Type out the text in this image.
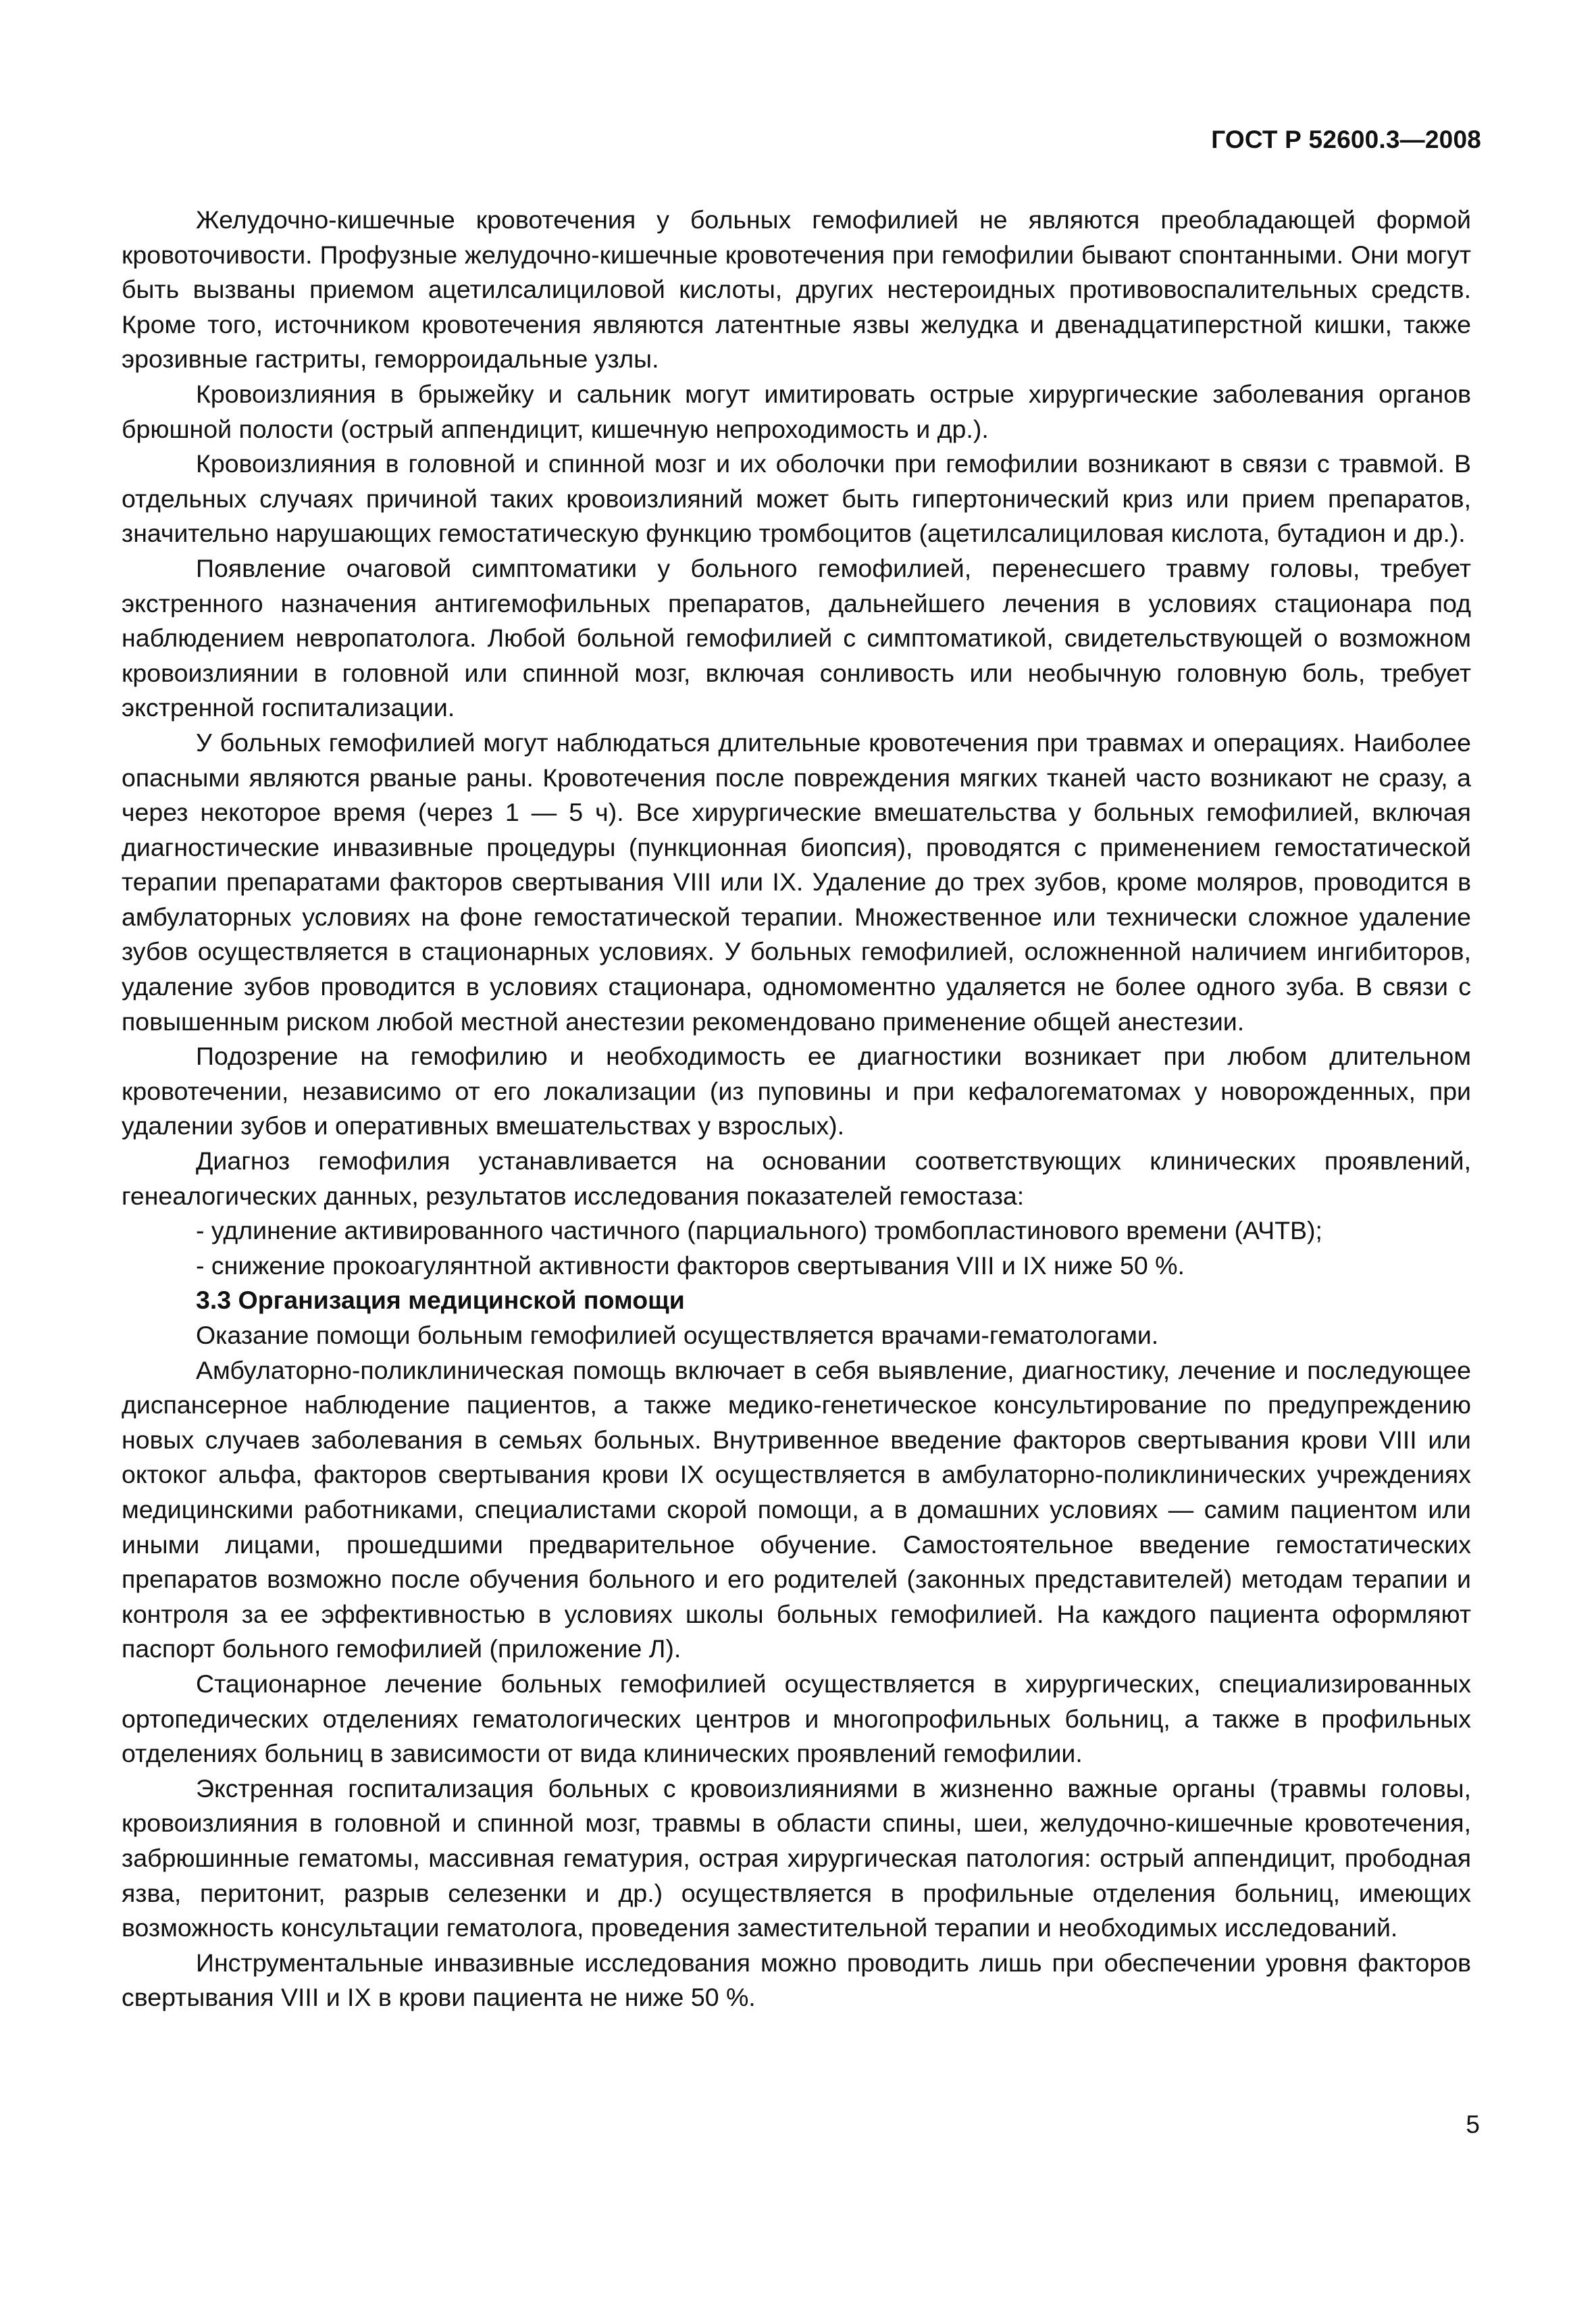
ГОСТ Р 52600.3—2008

Желудочно-кишечные кровотечения у больных гемофилией не являются преобладающей формой кровоточивости. Профузные желудочно-кишечные кровотечения при гемофилии бывают спонтанными. Они могут быть вызваны приемом ацетилсалициловой кислоты, других нестероидных противовоспалительных средств. Кроме того, источником кровотечения являются латентные язвы желудка и двенадцатиперстной кишки, также эрозивные гастриты, геморроидальные узлы.

Кровоизлияния в брыжейку и сальник могут имитировать острые хирургические заболевания органов брюшной полости (острый аппендицит, кишечную непроходимость и др.).

Кровоизлияния в головной и спинной мозг и их оболочки при гемофилии возникают в связи с травмой. В отдельных случаях причиной таких кровоизлияний может быть гипертонический криз или прием препаратов, значительно нарушающих гемостатическую функцию тромбоцитов (ацетилсалициловая кислота, бутадион и др.).

Появление очаговой симптоматики у больного гемофилией, перенесшего травму головы, требует экстренного назначения антигемофильных препаратов, дальнейшего лечения в условиях стационара под наблюдением невропатолога. Любой больной гемофилией с симптоматикой, свидетельствующей о возможном кровоизлиянии в головной или спинной мозг, включая сонливость или необычную головную боль, требует экстренной госпитализации.

У больных гемофилией могут наблюдаться длительные кровотечения при травмах и операциях. Наиболее опасными являются рваные раны. Кровотечения после повреждения мягких тканей часто возникают не сразу, а через некоторое время (через 1 — 5 ч). Все хирургические вмешательства у больных гемофилией, включая диагностические инвазивные процедуры (пункционная биопсия), проводятся с применением гемостатической терапии препаратами факторов свертывания VIII или IX. Удаление до трех зубов, кроме моляров, проводится в амбулаторных условиях на фоне гемостатической терапии. Множественное или технически сложное удаление зубов осуществляется в стационарных условиях. У больных гемофилией, осложненной наличием ингибиторов, удаление зубов проводится в условиях стационара, одномоментно удаляется не более одного зуба. В связи с повышенным риском любой местной анестезии рекомендовано применение общей анестезии.

Подозрение на гемофилию и необходимость ее диагностики возникает при любом длительном кровотечении, независимо от его локализации (из пуповины и при кефалогематомах у новорожденных, при удалении зубов и оперативных вмешательствах у взрослых).

Диагноз гемофилия устанавливается на основании соответствующих клинических проявлений, генеалогических данных, результатов исследования показателей гемостаза:

- удлинение активированного частичного (парциального) тромбопластинового времени (АЧТВ);

- снижение прокоагулянтной активности факторов свертывания VIII и IX ниже 50 %.

3.3 Организация медицинской помощи

Оказание помощи больным гемофилией осуществляется врачами-гематологами.

Амбулаторно-поликлиническая помощь включает в себя выявление, диагностику, лечение и последующее диспансерное наблюдение пациентов, а также медико-генетическое консультирование по предупреждению новых случаев заболевания в семьях больных. Внутривенное введение факторов свертывания крови VIII или октоког альфа, факторов свертывания крови IX осуществляется в амбулаторно-поликлинических учреждениях медицинскими работниками, специалистами скорой помощи, а в домашних условиях — самим пациентом или иными лицами, прошедшими предварительное обучение. Самостоятельное введение гемостатических препаратов возможно после обучения больного и его родителей (законных представителей) методам терапии и контроля за ее эффективностью в условиях школы больных гемофилией. На каждого пациента оформляют паспорт больного гемофилией (приложение Л).

Стационарное лечение больных гемофилией осуществляется в хирургических, специализированных ортопедических отделениях гематологических центров и многопрофильных больниц, а также в профильных отделениях больниц в зависимости от вида клинических проявлений гемофилии.

Экстренная госпитализация больных с кровоизлияниями в жизненно важные органы (травмы головы, кровоизлияния в головной и спинной мозг, травмы в области спины, шеи, желудочно-кишечные кровотечения, забрюшинные гематомы, массивная гематурия, острая хирургическая патология: острый аппендицит, прободная язва, перитонит, разрыв селезенки и др.) осуществляется в профильные отделения больниц, имеющих возможность консультации гематолога, проведения заместительной терапии и необходимых исследований.

Инструментальные инвазивные исследования можно проводить лишь при обеспечении уровня факторов свертывания VIII и IX в крови пациента не ниже 50 %.

5
